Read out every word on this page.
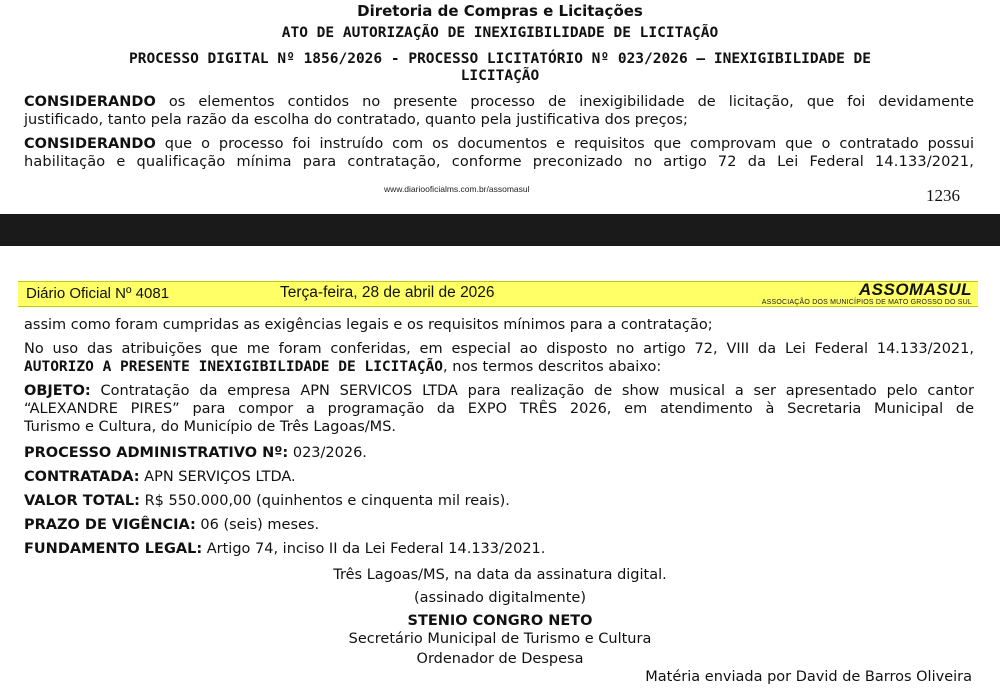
Diretoria de Compras e Licitações
ATO DE AUTORIZAÇÃO DE INEXIGIBILIDADE DE LICITAÇÃO
PROCESSO DIGITAL Nº 1856/2026 - PROCESSO LICITATÓRIO Nº 023/2026 – INEXIGIBILIDADE DE
LICITAÇÃO
CONSIDERANDO os elementos contidos no presente processo de inexigibilidade de licitação, que foi devidamente
justificado, tanto pela razão da escolha do contratado, quanto pela justificativa dos preços;
CONSIDERANDO que o processo foi instruído com os documentos e requisitos que comprovam que o contratado possui
habilitação e qualificação mínima para contratação, conforme preconizado no artigo 72 da Lei Federal 14.133/2021,
www.diariooficialms.com.br/assomasul	1236
Diário Oficial Nº 4081	Terça-feira, 28 de abril de 2026	ASSOMASUL
ASSOCIAÇÃO DOS MUNICÍPIOS DE MATO GROSSO DO SUL
assim como foram cumpridas as exigências legais e os requisitos mínimos para a contratação;
No uso das atribuições que me foram conferidas, em especial ao disposto no artigo 72, VIII da Lei Federal 14.133/2021,
AUTORIZO A PRESENTE INEXIGIBILIDADE DE LICITAÇÃO, nos termos descritos abaixo:
OBJETO: Contratação da empresa APN SERVICOS LTDA para realização de show musical a ser apresentado pelo cantor
“ALEXANDRE PIRES” para compor a programação da EXPO TRÊS 2026, em atendimento à Secretaria Municipal de
Turismo e Cultura, do Município de Três Lagoas/MS.
PROCESSO ADMINISTRATIVO Nº: 023/2026.
CONTRATADA: APN SERVIÇOS LTDA.
VALOR TOTAL: R$ 550.000,00 (quinhentos e cinquenta mil reais).
PRAZO DE VIGÊNCIA: 06 (seis) meses.
FUNDAMENTO LEGAL: Artigo 74, inciso II da Lei Federal 14.133/2021.
Três Lagoas/MS, na data da assinatura digital.
(assinado digitalmente)
STENIO CONGRO NETO
Secretário Municipal de Turismo e Cultura
Ordenador de Despesa
Matéria enviada por David de Barros Oliveira
